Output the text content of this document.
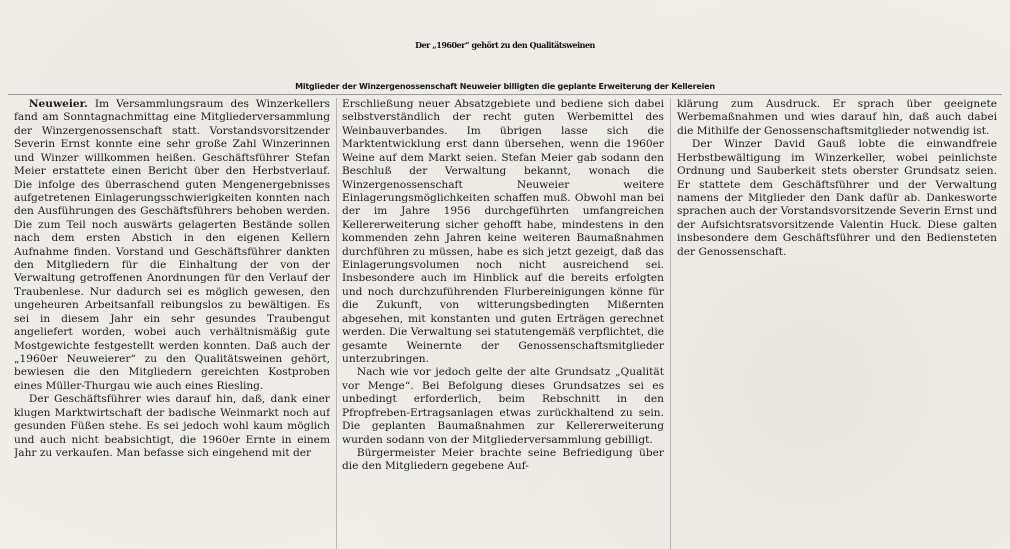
Der „1960er“ gehört zu den Qualitätsweinen
Mitglieder der Winzergenossenschaft Neuweier billigten die geplante Erweiterung der Kellereien

Neuweier. Im Versammlungsraum des Winzerkellers fand am Sonntagnachmittag eine Mitgliederversammlung der Winzergenossenschaft statt. Vorstandsvorsitzender Severin Ernst konnte eine sehr große Zahl Winzerinnen und Winzer willkommen heißen. Geschäftsführer Stefan Meier erstattete einen Bericht über den Herbstverlauf. Die infolge des überraschend guten Mengenergebnisses aufgetretenen Einlagerungsschwierigkeiten konnten nach den Ausführungen des Geschäftsführers behoben werden. Die zum Teil noch auswärts gelagerten Bestände sollen nach dem ersten Abstich in den eigenen Kellern Aufnahme finden. Vorstand und Geschäftsführer dankten den Mitgliedern für die Einhaltung der von der Verwaltung getroffenen Anordnungen für den Verlauf der Traubenlese. Nur dadurch sei es möglich gewesen, den ungeheuren Arbeitsanfall reibungslos zu bewältigen. Es sei in diesem Jahr ein sehr gesundes Traubengut angeliefert worden, wobei auch verhältnismäßig gute Mostgewichte festgestellt werden konnten. Daß auch der „1960er Neuweierer“ zu den Qualitätsweinen gehört, bewiesen die den Mitgliedern gereichten Kostproben eines Müller-Thurgau wie auch eines Riesling.

Der Geschäftsführer wies darauf hin, daß, dank einer klugen Marktwirtschaft der badische Weinmarkt noch auf gesunden Füßen stehe. Es sei jedoch wohl kaum möglich und auch nicht beabsichtigt, die 1960er Ernte in einem Jahr zu verkaufen. Man befasse sich eingehend mit der

Erschließung neuer Absatzgebiete und bediene sich dabei selbstverständlich der recht guten Werbemittel des Weinbauverbandes. Im übrigen lasse sich die Marktentwicklung erst dann übersehen, wenn die 1960er Weine auf dem Markt seien. Stefan Meier gab sodann den Beschluß der Verwaltung bekannt, wonach die Winzergenossenschaft Neuweier weitere Einlagerungsmöglichkeiten schaffen muß. Obwohl man bei der im Jahre 1956 durchgeführten umfangreichen Kellererweiterung sicher gehofft habe, mindestens in den kommenden zehn Jahren keine weiteren Baumaßnahmen durchführen zu müssen, habe es sich jetzt gezeigt, daß das Einlagerungsvolumen noch nicht ausreichend sei. Insbesondere auch im Hinblick auf die bereits erfolgten und noch durchzuführenden Flurbereinigungen könne für die Zukunft, von witterungsbedingten Mißernten abgesehen, mit konstanten und guten Erträgen gerechnet werden. Die Verwaltung sei statutengemäß verpflichtet, die gesamte Weinernte der Genossenschaftsmitglieder unterzubringen.

Nach wie vor jedoch gelte der alte Grundsatz „Qualität vor Menge“. Bei Befolgung dieses Grundsatzes sei es unbedingt erforderlich, beim Rebschnitt in den Pfropfreben-Ertragsanlagen etwas zurückhaltend zu sein. Die geplanten Baumaßnahmen zur Kellererweiterung wurden sodann von der Mitgliederversammlung gebilligt.

Bürgermeister Meier brachte seine Befriedigung über die den Mitgliedern gegebene Auf-

klärung zum Ausdruck. Er sprach über geeignete Werbemaßnahmen und wies darauf hin, daß auch dabei die Mithilfe der Genossenschaftsmitglieder notwendig ist.

Der Winzer David Gauß lobte die einwandfreie Herbstbewältigung im Winzerkeller, wobei peinlichste Ordnung und Sauberkeit stets oberster Grundsatz seien. Er stattete dem Geschäftsführer und der Verwaltung namens der Mitglieder den Dank dafür ab. Dankesworte sprachen auch der Vorstandsvorsitzende Severin Ernst und der Aufsichtsratsvorsitzende Valentin Huck. Diese galten insbesondere dem Geschäftsführer und den Bediensteten der Genossenschaft.
